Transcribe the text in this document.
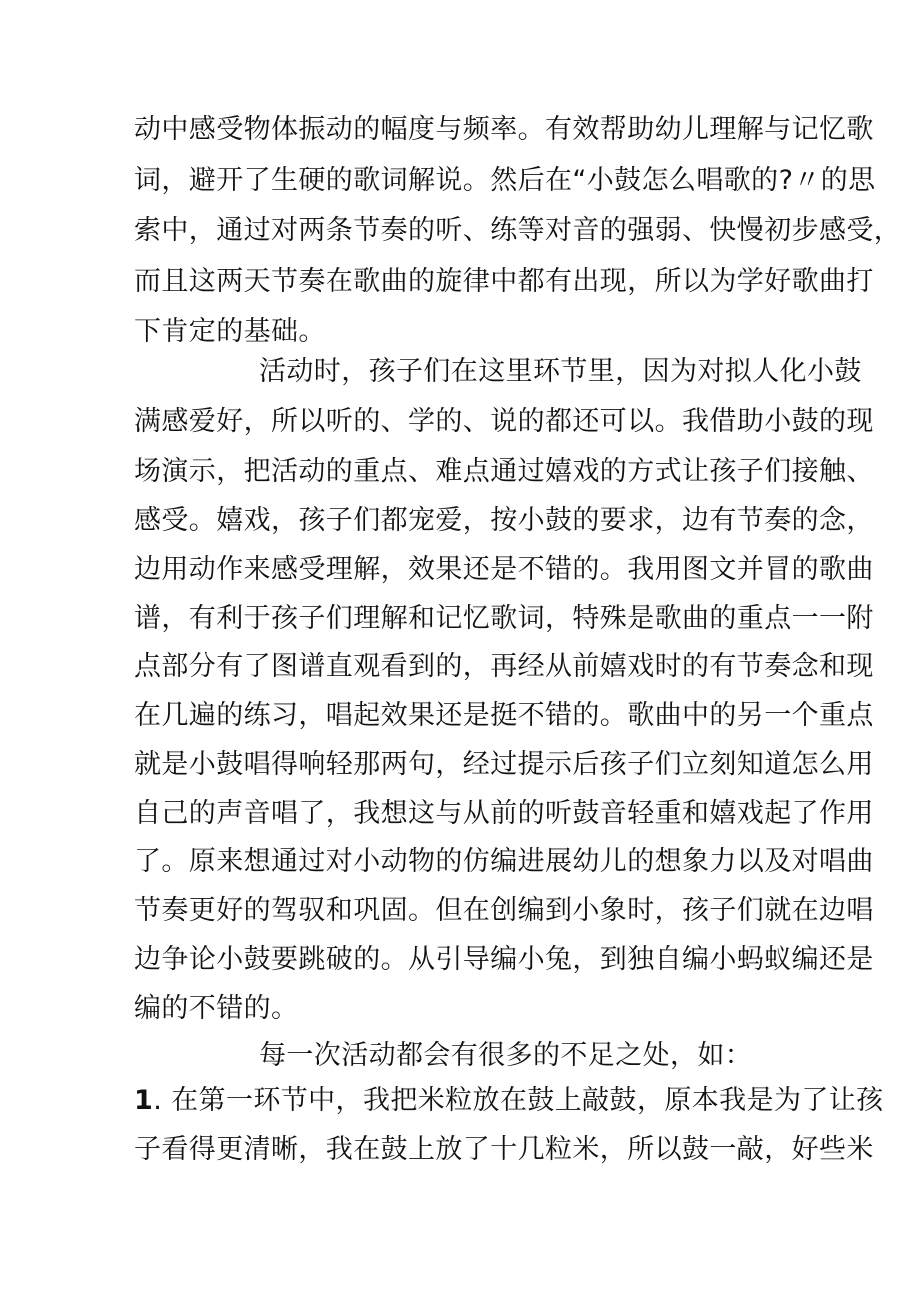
动中感受物体振动的幅度与频率。有效帮助幼儿理解与记忆歌
词，避开了生硬的歌词解说。然后在“小鼓怎么唱歌的?〃的思
索中，通过对两条节奏的听、练等对音的强弱、快慢初步感受，
而且这两天节奏在歌曲的旋律中都有出现，所以为学好歌曲打
下肯定的基础。
活动时，孩子们在这里环节里，因为对拟人化小鼓
满感爱好，所以听的、学的、说的都还可以。我借助小鼓的现
场演示，把活动的重点、难点通过嬉戏的方式让孩子们接触、
感受。嬉戏，孩子们都宠爱，按小鼓的要求，边有节奏的念，
边用动作来感受理解，效果还是不错的。我用图文并冒的歌曲
谱，有利于孩子们理解和记忆歌词，特殊是歌曲的重点一一附
点部分有了图谱直观看到的，再经从前嬉戏时的有节奏念和现
在几遍的练习，唱起效果还是挺不错的。歌曲中的另一个重点
就是小鼓唱得响轻那两句，经过提示后孩子们立刻知道怎么用
自己的声音唱了，我想这与从前的听鼓音轻重和嬉戏起了作用
了。原来想通过对小动物的仿编进展幼儿的想象力以及对唱曲
节奏更好的驾驭和巩固。但在创编到小象时，孩子们就在边唱
边争论小鼓要跳破的。从引导编小兔，到独自编小蚂蚁编还是
编的不错的。
每一次活动都会有很多的不足之处，如：
1. 在第一环节中，我把米粒放在鼓上敲鼓，原本我是为了让孩
子看得更清晰，我在鼓上放了十几粒米，所以鼓一敲，好些米
